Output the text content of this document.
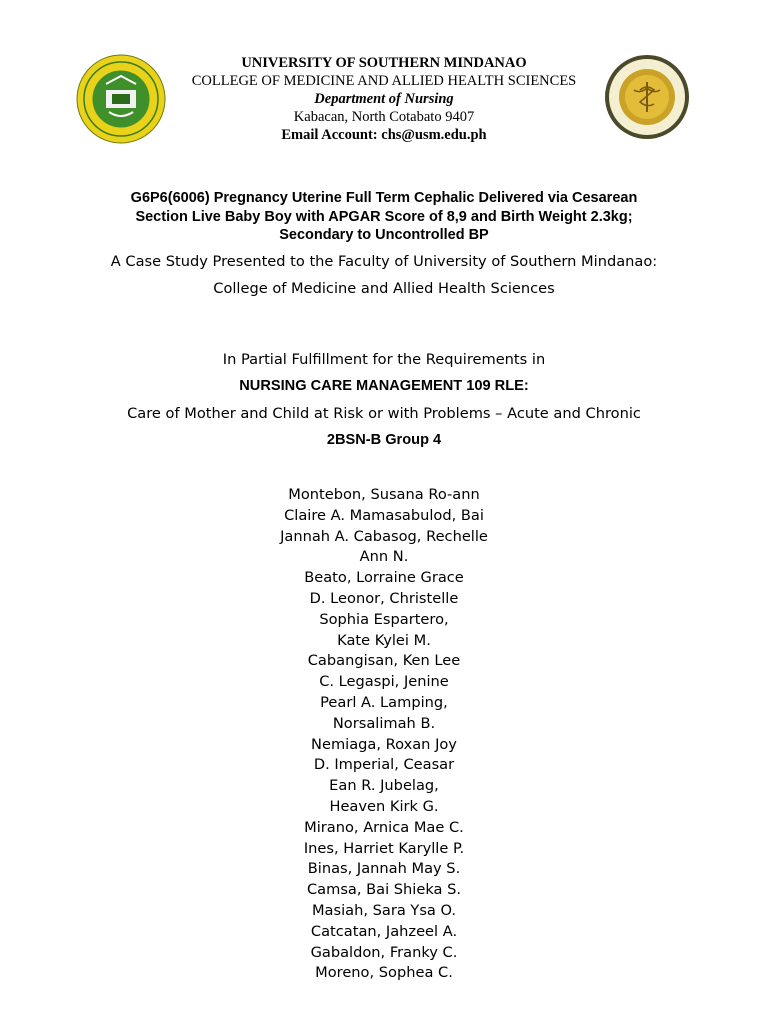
UNIVERSITY OF SOUTHERN MINDANAO
COLLEGE OF MEDICINE AND ALLIED HEALTH SCIENCES
Department of Nursing
Kabacan, North Cotabato 9407
Email Account: chs@usm.edu.ph
G6P6(6006) Pregnancy Uterine Full Term Cephalic Delivered via Cesarean
Section Live Baby Boy with APGAR Score of 8,9 and Birth Weight 2.3kg;
Secondary to Uncontrolled BP
A Case Study Presented to the Faculty of University of Southern Mindanao:
College of Medicine and Allied Health Sciences
In Partial Fulfillment for the Requirements in
NURSING CARE MANAGEMENT 109 RLE:
Care of Mother and Child at Risk or with Problems – Acute and Chronic
2BSN-B Group 4
Montebon, Susana Ro-ann
Claire A. Mamasabulod, Bai
Jannah A. Cabasog, Rechelle
Ann N.
Beato, Lorraine Grace
D. Leonor, Christelle
Sophia Espartero,
Kate Kylei M.
Cabangisan, Ken Lee
C. Legaspi, Jenine
Pearl A. Lamping,
Norsalimah B.
Nemiaga, Roxan Joy
D. Imperial, Ceasar
Ean R. Jubelag,
Heaven Kirk G.
Mirano, Arnica Mae C.
Ines, Harriet Karylle P.
Binas, Jannah May S.
Camsa, Bai Shieka S.
Masiah, Sara Ysa O.
Catcatan, Jahzeel A.
Gabaldon, Franky C.
Moreno, Sophea C.
